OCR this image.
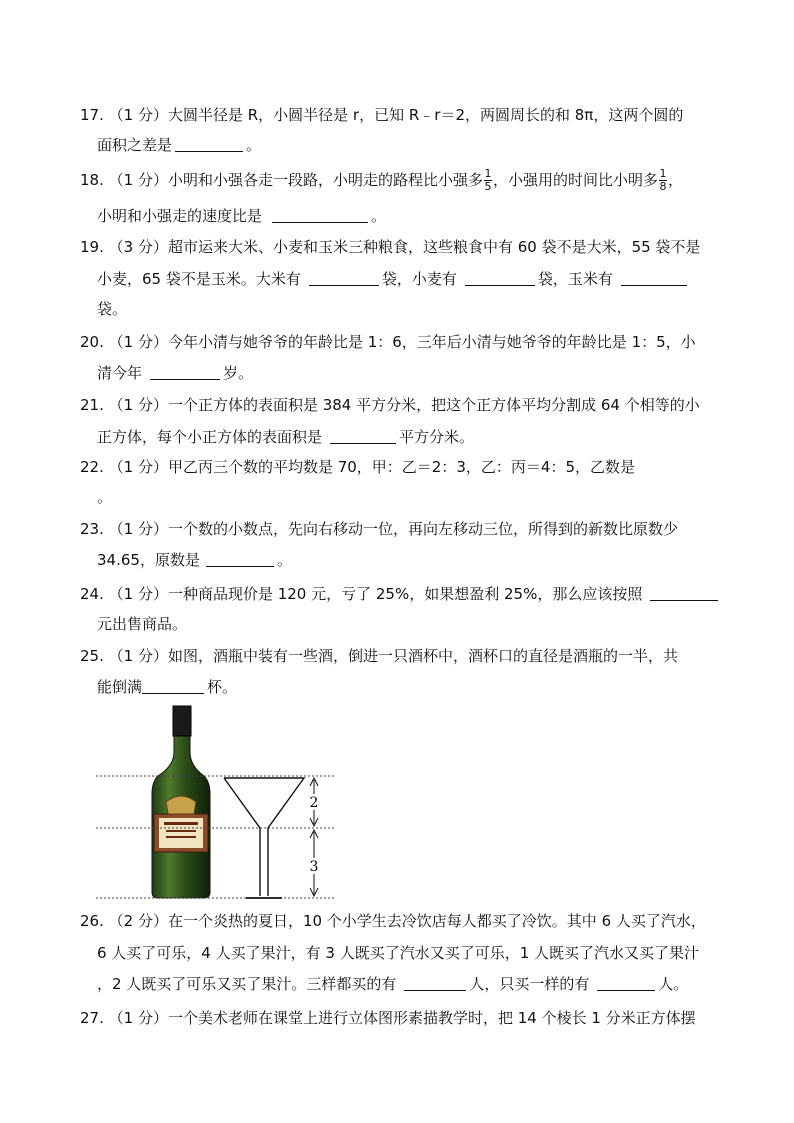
17. （1 分）大圆半径是 R，小圆半径是 r，已知 R﹣r＝2，两圆周长的和 8π，这两个圆的
面积之差是	。
18. （1 分）小明和小强各走一段路，小明走的路程比小强多 $\frac{1}{5}$ ，小强用的时间比小明多 $\frac{1}{8}$ ，
小明和小强走的速度比是	。
19. （3 分）超市运来大米、小麦和玉米三种粮食，这些粮食中有 60 袋不是大米，55 袋不是
小麦，65 袋不是玉米。大米有	袋，小麦有	袋，玉米有
袋。
20. （1 分）今年小清与她爷爷的年龄比是 1：6，三年后小清与她爷爷的年龄比是 1：5，小
清今年	岁。
21. （1 分）一个正方体的表面积是 384 平方分米，把这个正方体平均分割成 64 个相等的小
正方体，每个小正方体的表面积是	平方分米。
22. （1 分）甲乙丙三个数的平均数是 70，甲：乙＝2：3，乙：丙＝4：5，乙数是
。
23. （1 分）一个数的小数点，先向右移动一位，再向左移动三位，所得到的新数比原数少
34.65，原数是	。
24. （1 分）一种商品现价是 120 元，亏了 25%，如果想盈利 25%，那么应该按照
元出售商品。
25. （1 分）如图，酒瓶中装有一些酒，倒进一只酒杯中，酒杯口的直径是酒瓶的一半，共
能倒满	杯。
2
3
26. （2 分）在一个炎热的夏日，10 个小学生去冷饮店每人都买了冷饮。其中 6 人买了汽水，
6 人买了可乐，4 人买了果汁，有 3 人既买了汽水又买了可乐，1 人既买了汽水又买了果汁
，2 人既买了可乐又买了果汁。三样都买的有	人，只买一样的有	人。
27. （1 分）一个美术老师在课堂上进行立体图形素描教学时，把 14 个棱长 1 分米正方体摆
